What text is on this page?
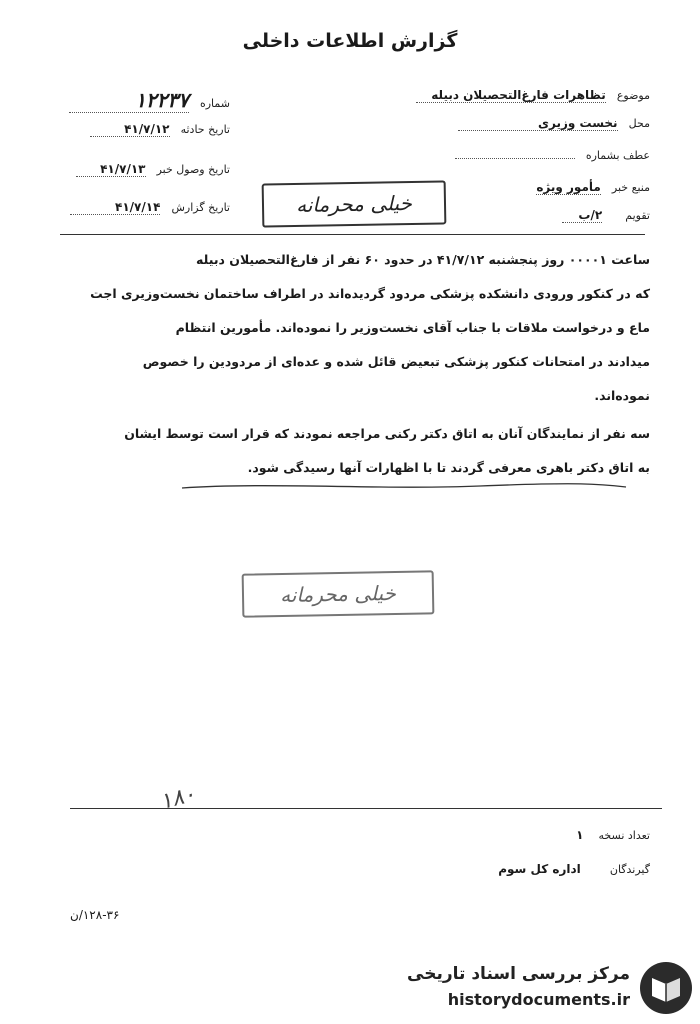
گزارش اطلاعات داخلی
شماره ۱۲۲۳۷
تاریخ حادثه ۴۱/۷/۱۲
تاریخ وصول خبر ۴۱/۷/۱۳
تاریخ گزارش ۴۱/۷/۱۴
موضوع تظاهرات فارغ‌التحصیلان دبیله
محل نخست وزیری
عطف بشماره
منبع خبر مأمور ویژه
تقویم ۲/ب
خیلی محرمانه
ساعت ۰۰۰۰۱ روز پنجشنبه ۴۱/۷/۱۲ در حدود ۶۰ نفر از فارغ‌التحصیلان دبیله
که در کنکور ورودی دانشکده پزشکی مردود گردیده‌اند در اطراف ساختمان نخست‌وزیری اجت
ماع و درخواست ملاقات با جناب آقای نخست‌وزیر را نموده‌اند. مأمورین انتظام
میدادند در امتحانات کنکور پزشکی تبعیض قائل شده و عده‌ای از مردودین را خصوص
نموده‌اند.
سه نفر از نمایندگان آنان به اتاق دکتر رکنی مراجعه نمودند که قرار است توسط ایشان
به اتاق دکتر باهری معرفی گردند تا با اظهارات آنها رسیدگی شود.
خیلی محرمانه
۱۸۰
تعداد نسخه ۱
گیرندگان اداره کل سوم
۱۲۸-۳۶/ن
مرکز بررسی اسناد تاریخی
historydocuments.ir
